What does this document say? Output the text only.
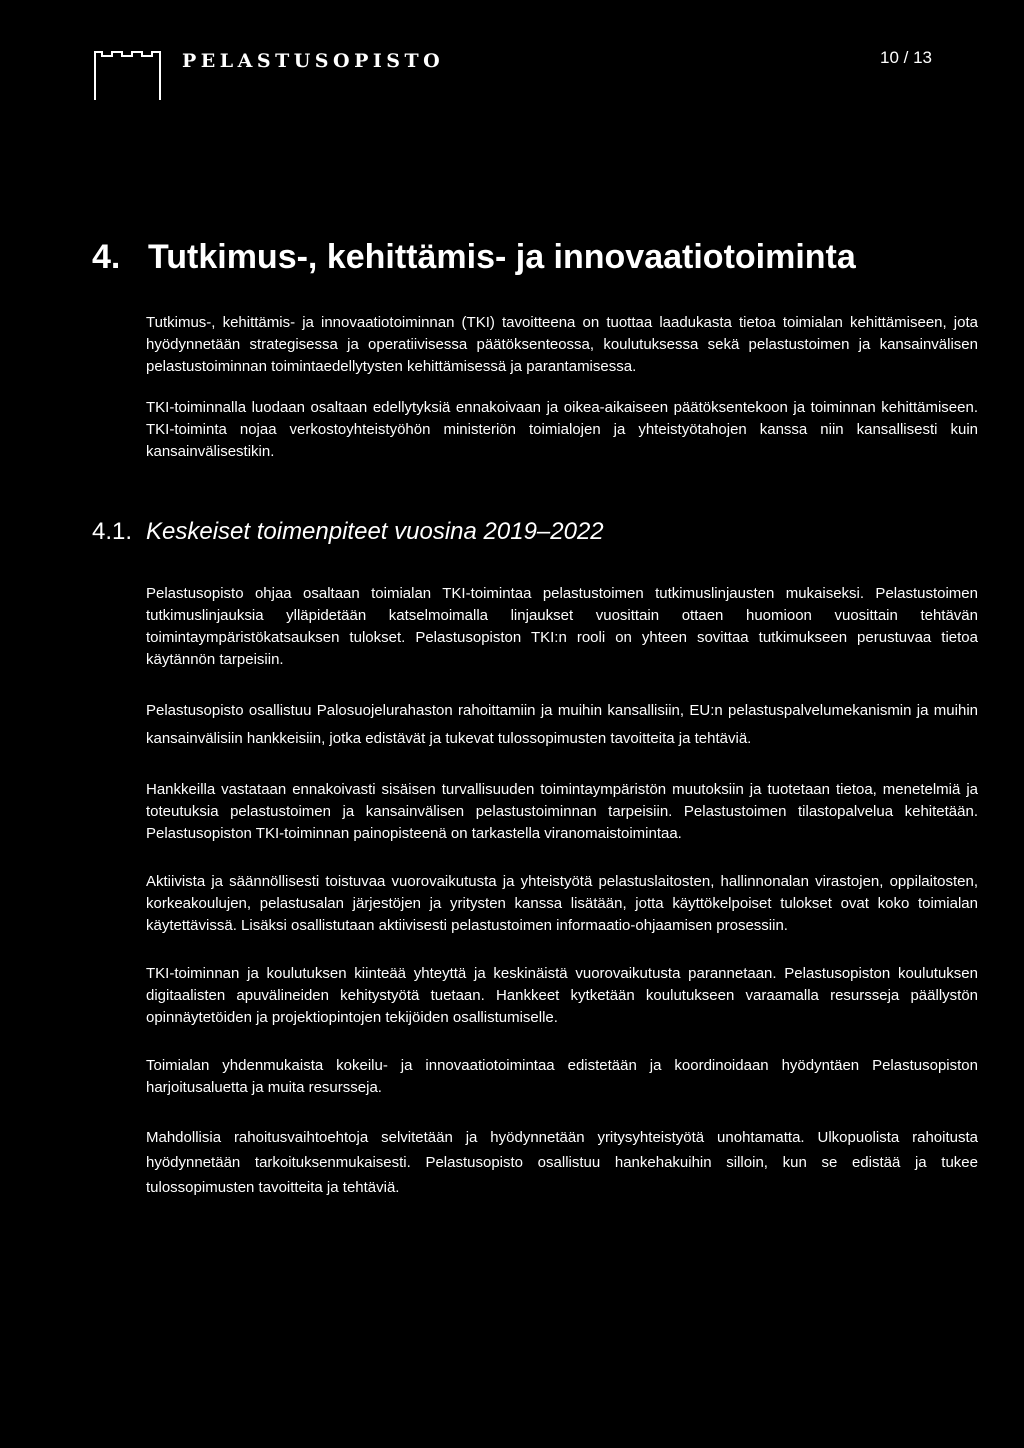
PELASTUSOPISTO	10 / 13
4. Tutkimus-, kehittämis- ja innovaatiotoiminta

Tutkimus-, kehittämis- ja innovaatiotoiminnan (TKI) tavoitteena on tuottaa laadukasta tietoa toimialan kehittämiseen, jota hyödynnetään strategisessa ja operatiivisessa päätöksenteossa, koulutuksessa sekä pelastustoimen ja kansainvälisen pelastustoiminnan toimintaedellytysten kehittämisessä ja parantamisessa.

TKI-toiminnalla luodaan osaltaan edellytyksiä ennakoivaan ja oikea-aikaiseen päätöksentekoon ja toiminnan kehittämiseen. TKI-toiminta nojaa verkostoyhteistyöhön ministeriön toimialojen ja yhteistyötahojen kanssa niin kansallisesti kuin kansainvälisestikin.

4.1. Keskeiset toimenpiteet vuosina 2019–2022

Pelastusopisto ohjaa osaltaan toimialan TKI-toimintaa pelastustoimen tutkimuslinjausten mukaiseksi. Pelastustoimen tutkimuslinjauksia ylläpidetään katselmoimalla linjaukset vuosittain ottaen huomioon vuosittain tehtävän toimintaympäristökatsauksen tulokset. Pelastusopiston TKI:n rooli on yhteen sovittaa tutkimukseen perustuvaa tietoa käytännön tarpeisiin.

Pelastusopisto osallistuu Palosuojelurahaston rahoittamiin ja muihin kansallisiin, EU:n pelastuspalvelumekanismin ja muihin kansainvälisiin hankkeisiin, jotka edistävät ja tukevat tulossopimusten tavoitteita ja tehtäviä.

Hankkeilla vastataan ennakoivasti sisäisen turvallisuuden toimintaympäristön muutoksiin ja tuotetaan tietoa, menetelmiä ja toteutuksia pelastustoimen ja kansainvälisen pelastustoiminnan tarpeisiin. Pelastustoimen tilastopalvelua kehitetään. Pelastusopiston TKI-toiminnan painopisteenä on tarkastella viranomaistoimintaa.

Aktiivista ja säännöllisesti toistuvaa vuorovaikutusta ja yhteistyötä pelastuslaitosten, hallinnonalan virastojen, oppilaitosten, korkeakoulujen, pelastusalan järjestöjen ja yritysten kanssa lisätään, jotta käyttökelpoiset tulokset ovat koko toimialan käytettävissä. Lisäksi osallistutaan aktiivisesti pelastustoimen informaatio-ohjaamisen prosessiin.

TKI-toiminnan ja koulutuksen kiinteää yhteyttä ja keskinäistä vuorovaikutusta parannetaan. Pelastusopiston koulutuksen digitaalisten apuvälineiden kehitystyötä tuetaan. Hankkeet kytketään koulutukseen varaamalla resursseja päällystön opinnäytetöiden ja projektiopintojen tekijöiden osallistumiselle.

Toimialan yhdenmukaista kokeilu- ja innovaatiotoimintaa edistetään ja koordinoidaan hyödyntäen Pelastusopiston harjoitusaluetta ja muita resursseja.

Mahdollisia rahoitusvaihtoehtoja selvitetään ja hyödynnetään yritysyhteistyötä unohtamatta. Ulkopuolista rahoitusta hyödynnetään tarkoituksenmukaisesti. Pelastusopisto osallistuu hankehakuihin silloin, kun se edistää ja tukee tulossopimusten tavoitteita ja tehtäviä.
